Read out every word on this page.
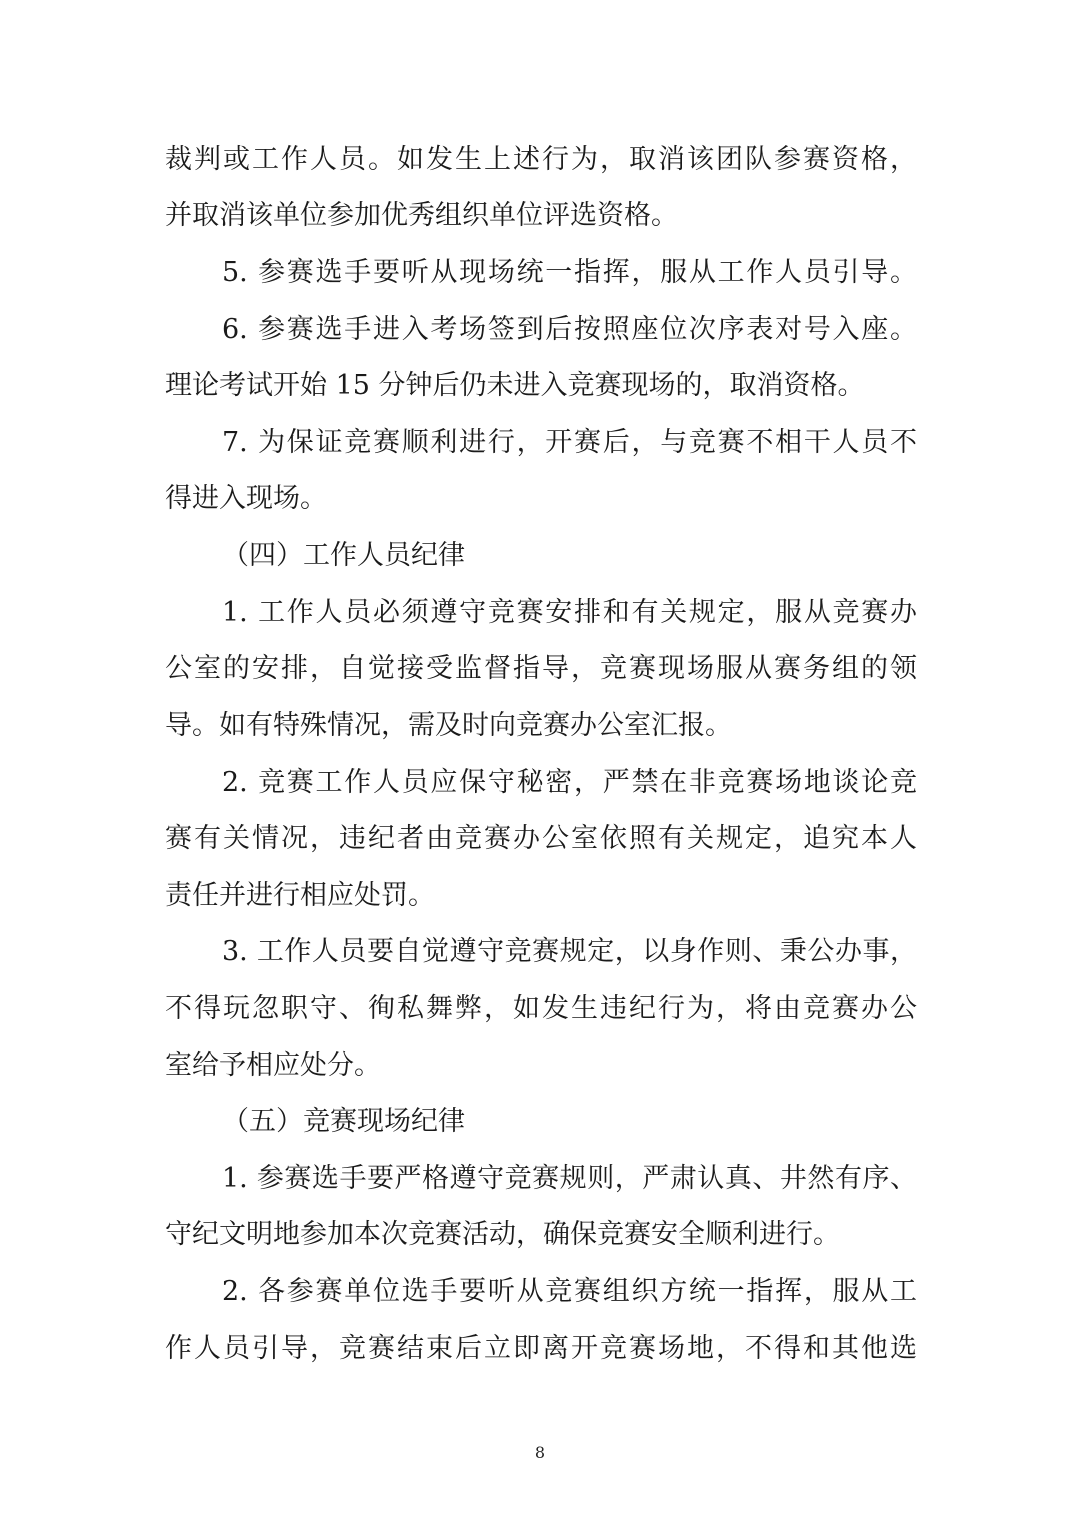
裁判或工作人员。如发生上述行为，取消该团队参赛资格，
并取消该单位参加优秀组织单位评选资格。
5. 参赛选手要听从现场统一指挥，服从工作人员引导。
6. 参赛选手进入考场签到后按照座位次序表对号入座。
理论考试开始 15 分钟后仍未进入竞赛现场的，取消资格。
7. 为保证竞赛顺利进行，开赛后，与竞赛不相干人员不
得进入现场。
（四）工作人员纪律
1. 工作人员必须遵守竞赛安排和有关规定，服从竞赛办
公室的安排，自觉接受监督指导，竞赛现场服从赛务组的领
导。如有特殊情况，需及时向竞赛办公室汇报。
2. 竞赛工作人员应保守秘密，严禁在非竞赛场地谈论竞
赛有关情况，违纪者由竞赛办公室依照有关规定，追究本人
责任并进行相应处罚。
3. 工作人员要自觉遵守竞赛规定，以身作则、秉公办事，
不得玩忽职守、徇私舞弊，如发生违纪行为，将由竞赛办公
室给予相应处分。
（五）竞赛现场纪律
1. 参赛选手要严格遵守竞赛规则，严肃认真、井然有序、
守纪文明地参加本次竞赛活动，确保竞赛安全顺利进行。
2. 各参赛单位选手要听从竞赛组织方统一指挥，服从工
作人员引导，竞赛结束后立即离开竞赛场地，不得和其他选
8
